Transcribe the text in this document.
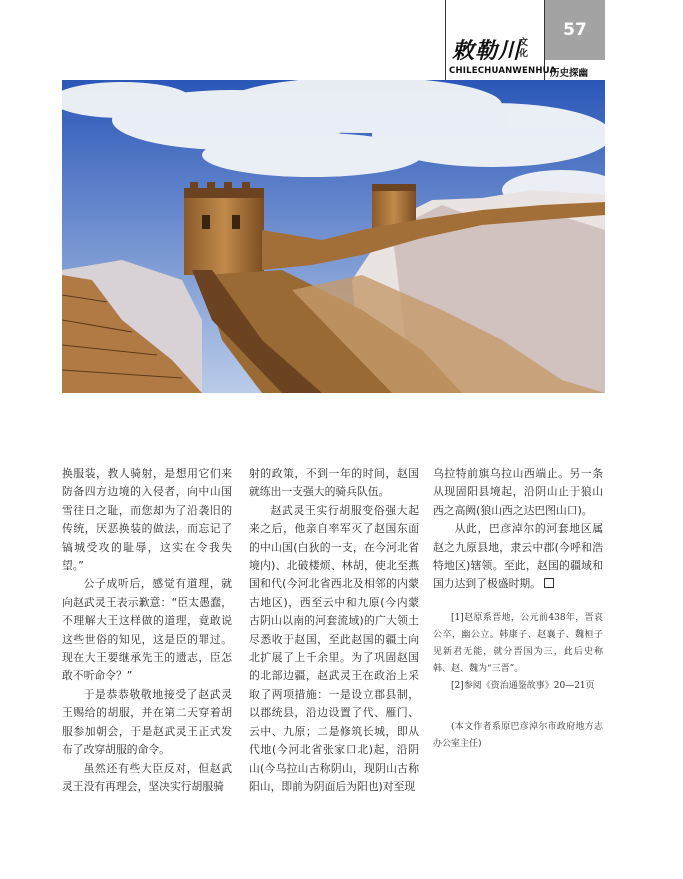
敕勒川
文化
CHILECHUANWENHUA
57
历史探幽

换服装，教人骑射，是想用它们来防备四方边境的入侵者，向中山国雪往日之耻，而您却为了沿袭旧的传统，厌恶换装的做法，而忘记了镐城受攻的耻辱，这实在令我失望。”

公子成听后，感觉有道理，就向赵武灵王表示歉意：“臣太愚蠢，不理解大王这样做的道理，竟敢说这些世俗的知见，这是臣的罪过。现在大王要继承先王的遗志，臣怎敢不听命令？”

于是恭恭敬敬地接受了赵武灵王赐给的胡服，并在第二天穿着胡服参加朝会，于是赵武灵王正式发布了改穿胡服的命令。

虽然还有些大臣反对，但赵武灵王没有再理会，坚决实行胡服骑

射的政策，不到一年的时间，赵国就练出一支强大的骑兵队伍。

赵武灵王实行胡服变俗强大起来之后，他亲自率军灭了赵国东面的中山国(白狄的一支，在今河北省境内)、北破楼烦、林胡，使北至燕国和代(今河北省西北及相邻的内蒙古地区)，西至云中和九原(今内蒙古阴山以南的河套流域)的广大领土尽悉收于赵国，至此赵国的疆土向北扩展了上千余里。为了巩固赵国的北部边疆，赵武灵王在政治上采取了两项措施：一是设立郡县制，以郡统县，沿边设置了代、雁门、云中、九原；二是修筑长城，即从代地(今河北省张家口北)起，沿阴山(今乌拉山古称阴山，现阴山古称阳山，即前为阴面后为阳也)对至现

乌拉特前旗乌拉山西端止。另一条从现固阳县境起，沿阴山止于狼山西之高阙(狼山西之达巴图山口)。

从此，巴彦淖尔的河套地区属赵之九原县地，隶云中郡(今呼和浩特地区)辖领。至此，赵国的疆域和国力达到了极盛时期。

[1]赵原系晋地，公元前438年，晋哀公卒，幽公立。韩康子、赵襄子、魏桓子见新君无能，就分晋国为三，此后史称韩、赵、魏为“三晋”。

[2]参阅《资治通鉴故事》20—21页

(本文作者系原巴彦淖尔市政府地方志办公室主任)
